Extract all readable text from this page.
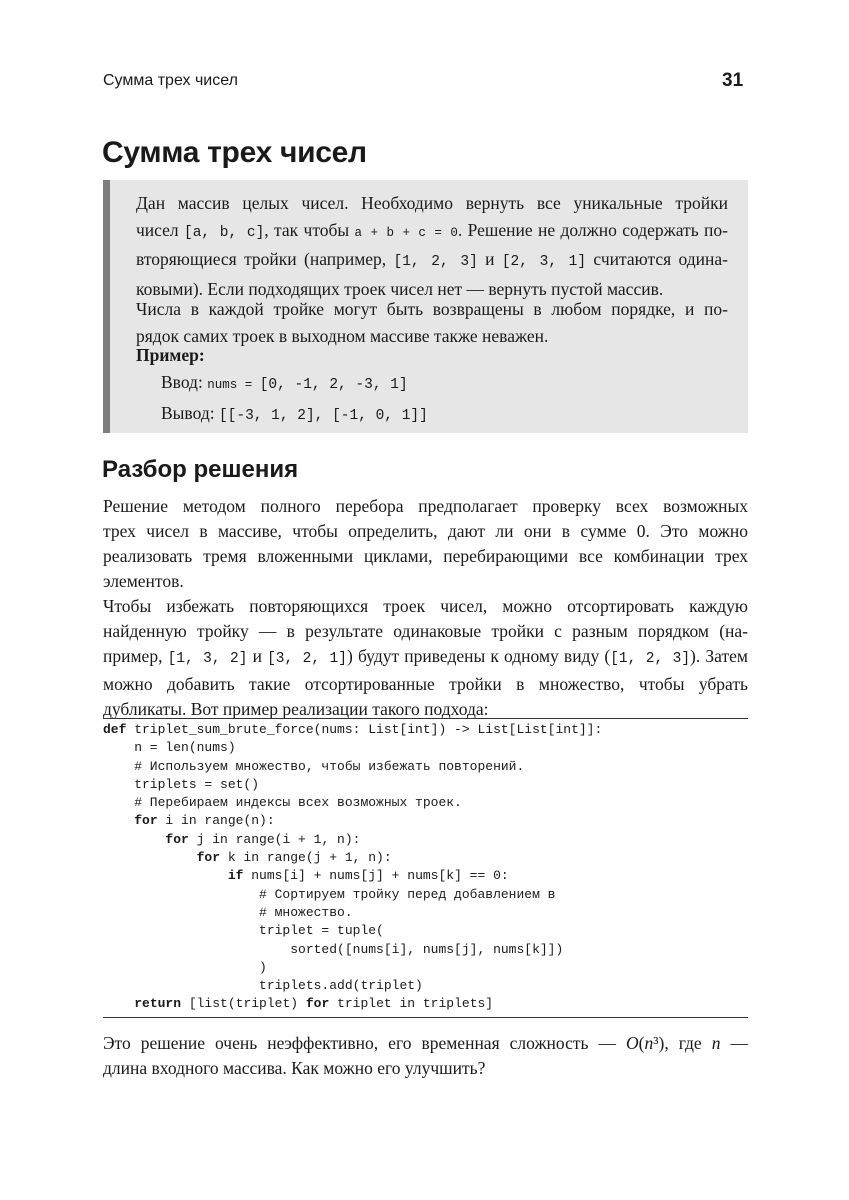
Сумма трех чисел	31
Сумма трех чисел
Дан массив целых чисел. Необходимо вернуть все уникальные тройки
чисел [a, b, c], так чтобы a + b + c = 0. Решение не должно содержать по-
вторяющиеся тройки (например, [1, 2, 3] и [2, 3, 1] считаются одина-
ковыми). Если подходящих троек чисел нет — вернуть пустой массив.
Числа в каждой тройке могут быть возвращены в любом порядке, и по-
рядок самих троек в выходном массиве также неважен.
Пример:
Ввод: nums = [0, -1, 2, -3, 1]
Вывод: [[-3, 1, 2], [-1, 0, 1]]
Разбор решения
Решение методом полного перебора предполагает проверку всех возможных
трех чисел в массиве, чтобы определить, дают ли они в сумме 0. Это можно
реализовать тремя вложенными циклами, перебирающими все комбинации трех
элементов.
Чтобы избежать повторяющихся троек чисел, можно отсортировать каждую
найденную тройку — в результате одинаковые тройки с разным порядком (на-
пример, [1, 3, 2] и [3, 2, 1]) будут приведены к одному виду ([1, 2, 3]). Затем
можно добавить такие отсортированные тройки в множество, чтобы убрать
дубликаты. Вот пример реализации такого подхода:
def triplet_sum_brute_force(nums: List[int]) -> List[List[int]]:
n = len(nums)
# Используем множество, чтобы избежать повторений.
triplets = set()
# Перебираем индексы всех возможных троек.
for i in range(n):
for j in range(i + 1, n):
for k in range(j + 1, n):
if nums[i] + nums[j] + nums[k] == 0:
# Сортируем тройку перед добавлением в
# множество.
triplet = tuple(
sorted([nums[i], nums[j], nums[k]])
)
triplets.add(triplet)
return [list(triplet) for triplet in triplets]
Это решение очень неэффективно, его временная сложность — O(n³), где n —
длина входного массива. Как можно его улучшить?
